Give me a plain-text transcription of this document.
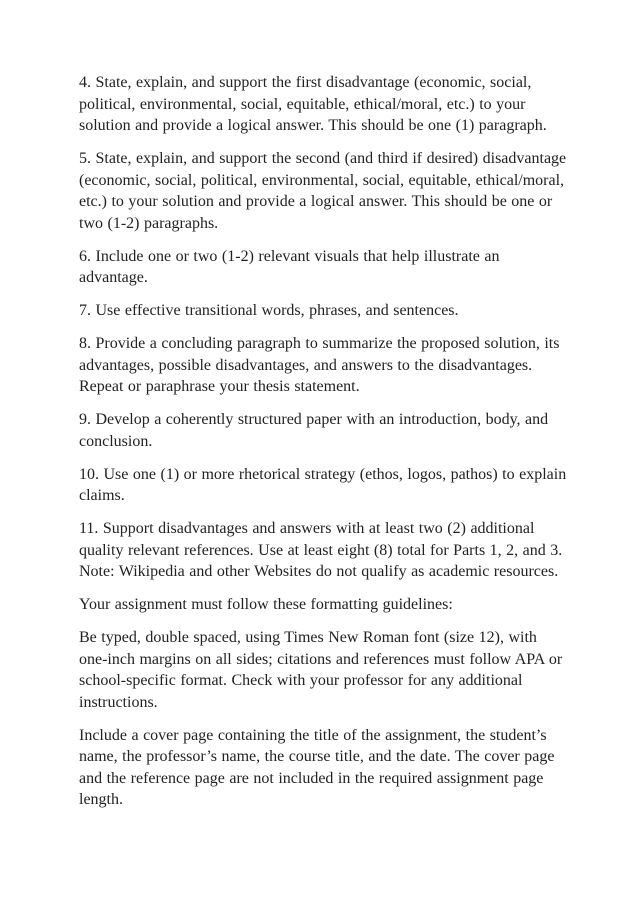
4. State, explain, and support the first disadvantage (economic, social, political, environmental, social, equitable, ethical/moral, etc.) to your solution and provide a logical answer. This should be one (1) paragraph.

5. State, explain, and support the second (and third if desired) disadvantage (economic, social, political, environmental, social, equitable, ethical/moral, etc.) to your solution and provide a logical answer. This should be one or two (1-2) paragraphs.

6. Include one or two (1-2) relevant visuals that help illustrate an advantage.

7. Use effective transitional words, phrases, and sentences.

8. Provide a concluding paragraph to summarize the proposed solution, its advantages, possible disadvantages, and answers to the disadvantages. Repeat or paraphrase your thesis statement.

9. Develop a coherently structured paper with an introduction, body, and conclusion.

10. Use one (1) or more rhetorical strategy (ethos, logos, pathos) to explain claims.

11. Support disadvantages and answers with at least two (2) additional quality relevant references. Use at least eight (8) total for Parts 1, 2, and 3. Note: Wikipedia and other Websites do not qualify as academic resources.

Your assignment must follow these formatting guidelines:

Be typed, double spaced, using Times New Roman font (size 12), with one-inch margins on all sides; citations and references must follow APA or school-specific format. Check with your professor for any additional instructions.

Include a cover page containing the title of the assignment, the student’s name, the professor’s name, the course title, and the date. The cover page and the reference page are not included in the required assignment page length.
